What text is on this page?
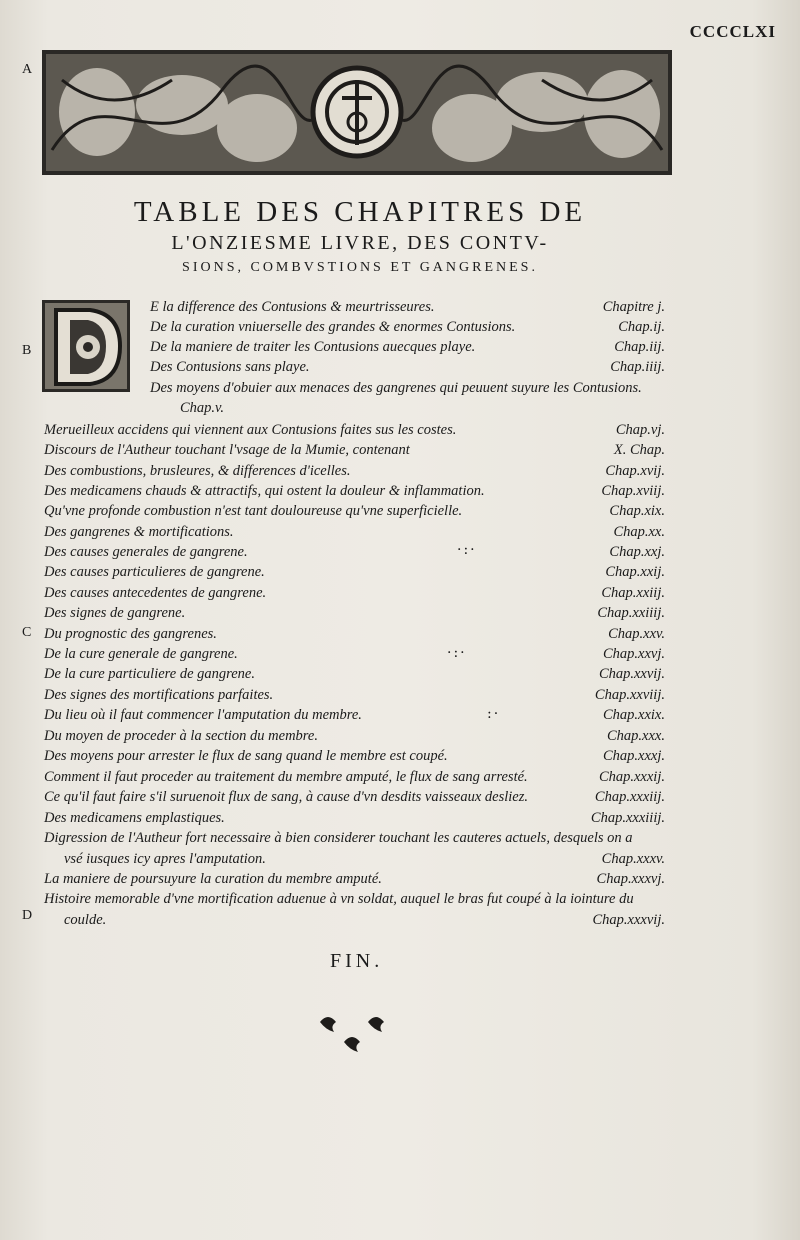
CCCCLXI
A
B
C
D
TABLE DES CHAPITRES DE
L'ONZIESME LIVRE, DES CONTV-
SIONS, COMBVSTIONS ET GANGRENES.
E la difference des Contusions & meurtrisseures.	Chapitre j.
De la curation vniuerselle des grandes & enormes Contusions.	Chap.ij.
De la maniere de traiter les Contusions auecques playe.	Chap.iij.
Des Contusions sans playe.	Chap.iiij.
Des moyens d'obuier aux menaces des gangrenes qui peuuent suyure les Contusions.
Chap.v.
Merueilleux accidens qui viennent aux Contusions faites sus les costes.	Chap.vj.
Discours de l'Autheur touchant l'vsage de la Mumie, contenant	X. Chap.
Des combustions, brusleures, & differences d'icelles.	Chap.xvij.
Des medicamens chauds & attractifs, qui ostent la douleur & inflammation.	Chap.xviij.
Qu'vne profonde combustion n'est tant douloureuse qu'vne superficielle.	Chap.xix.
Des gangrenes & mortifications.	Chap.xx.
Des causes generales de gangrene.	Chap.xxj.
Des causes particulieres de gangrene.	Chap.xxij.
Des causes antecedentes de gangrene.	Chap.xxiij.
Des signes de gangrene.	Chap.xxiiij.
Du prognostic des gangrenes.	Chap.xxv.
De la cure generale de gangrene.	Chap.xxvj.
De la cure particuliere de gangrene.	Chap.xxvij.
Des signes des mortifications parfaites.	Chap.xxviij.
Du lieu où il faut commencer l'amputation du membre.	Chap.xxix.
Du moyen de proceder à la section du membre.	Chap.xxx.
Des moyens pour arrester le flux de sang quand le membre est coupé.	Chap.xxxj.
Comment il faut proceder au traitement du membre amputé, le flux de sang arresté.	Chap.xxxij.
Ce qu'il faut faire s'il suruenoit flux de sang, à cause d'vn desdits vaisseaux desliez.	Chap.xxxiij.
Des medicamens emplastiques.	Chap.xxxiiij.
Digression de l'Autheur fort necessaire à bien considerer touchant les cauteres actuels, desquels on a
vsé iusques icy apres l'amputation.	Chap.xxxv.
La maniere de poursuyure la curation du membre amputé.	Chap.xxxvj.
Histoire memorable d'vne mortification aduenue à vn soldat, auquel le bras fut coupé à la iointure du
coulde.	Chap.xxxvij.
·:·
·:·
:·
FIN.
